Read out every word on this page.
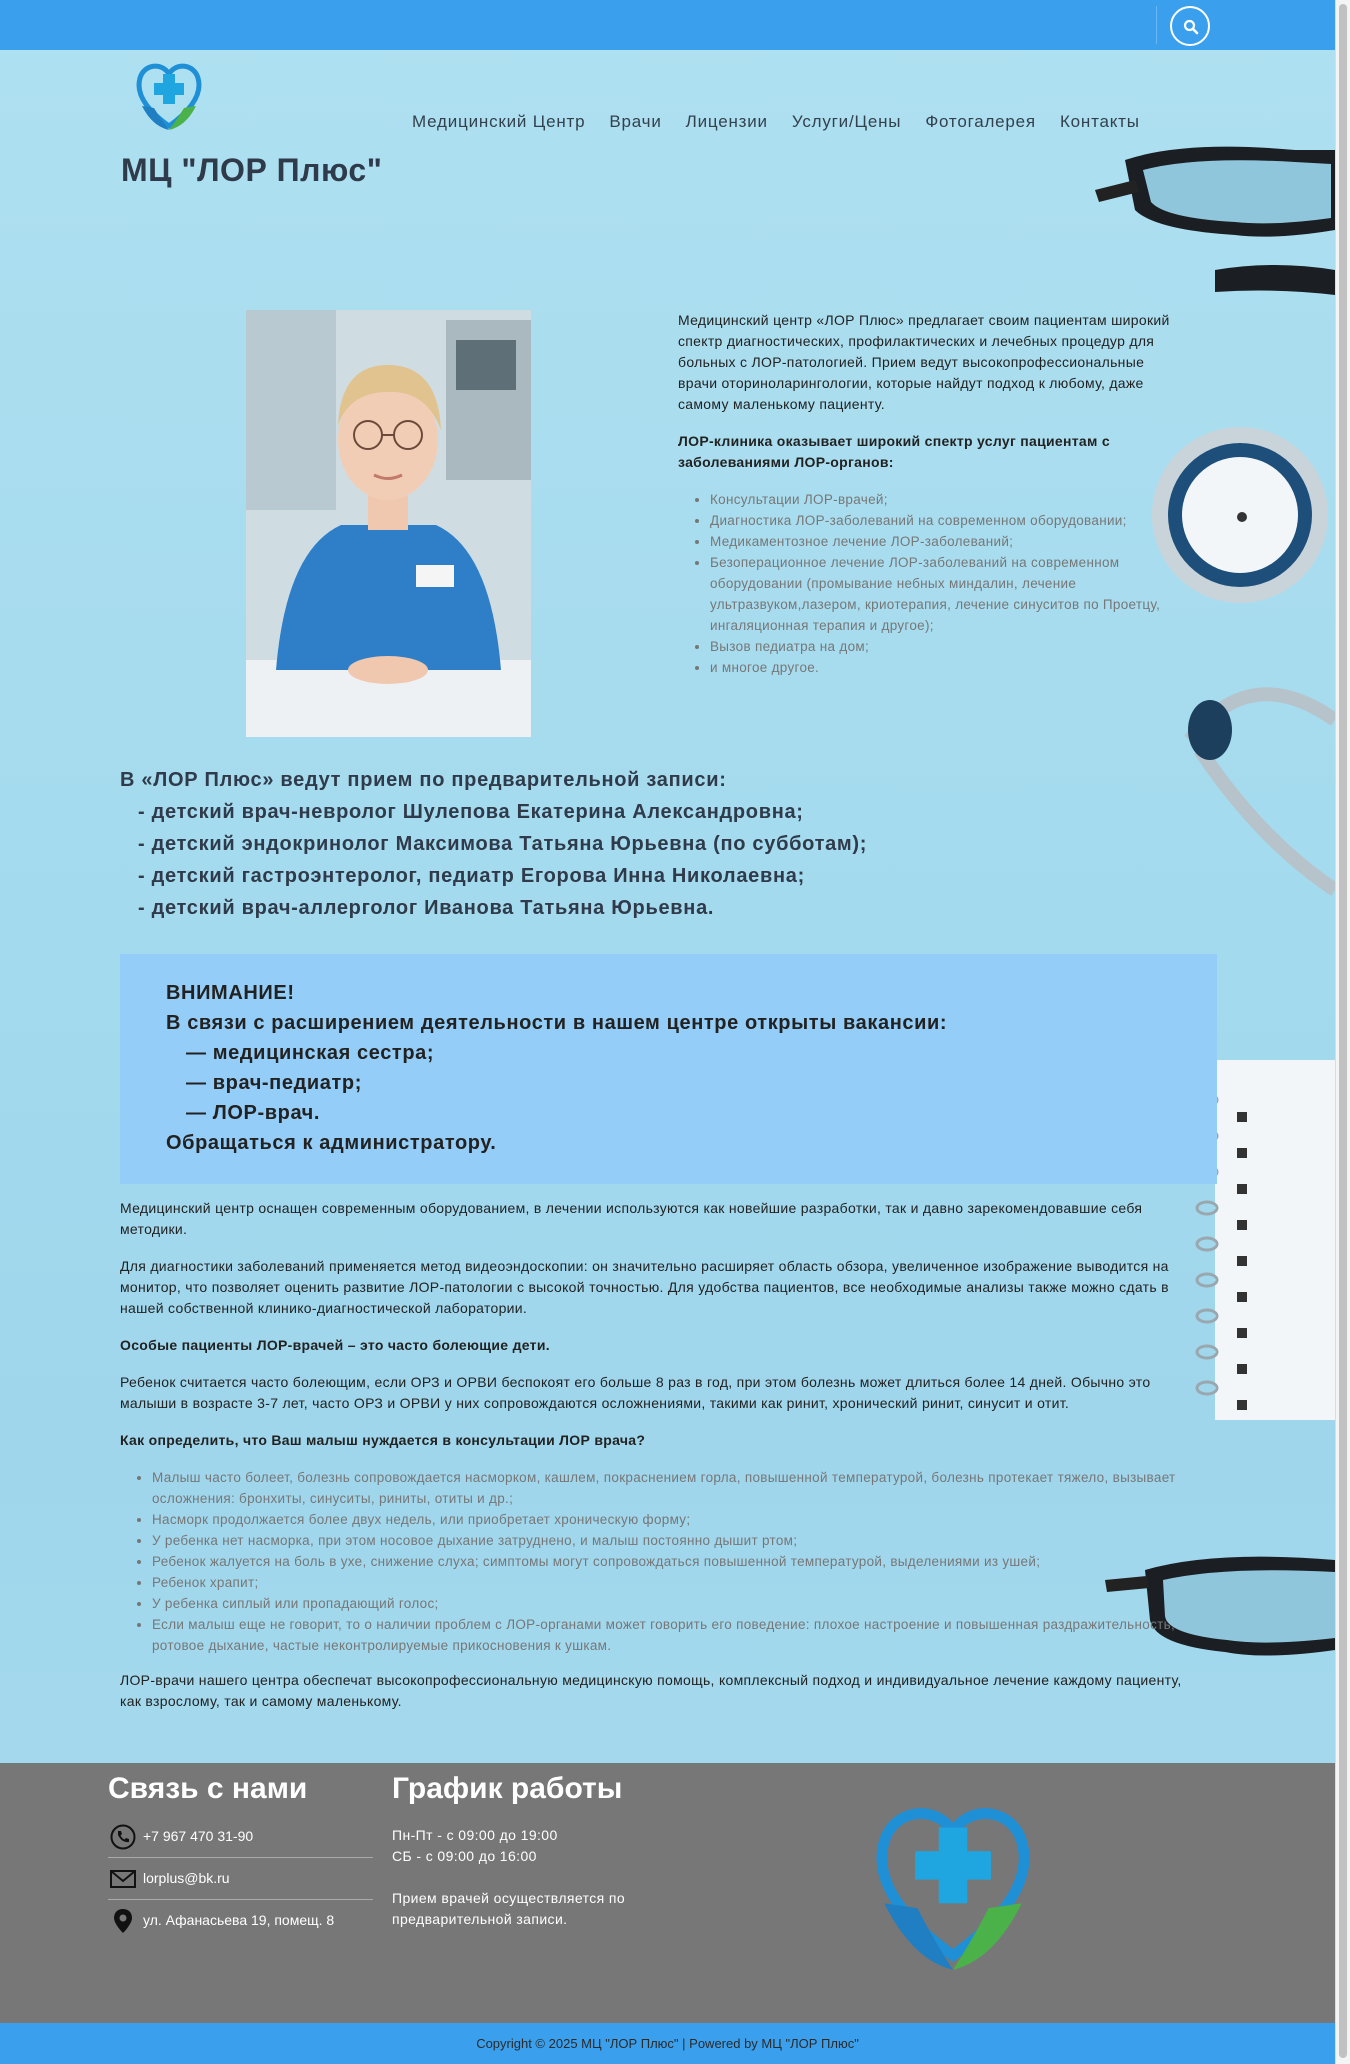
МЦ "ЛОР Плюс"
Медицинский Центр	Врачи	Лицензии	Услуги/Цены	Фотогалерея	Контакты

Медицинский центр «ЛОР Плюс» предлагает своим пациентам широкий спектр диагностических, профилактических и лечебных процедур для больных с ЛОР-патологией. Прием ведут высокопрофессиональные врачи оториноларингологии, которые найдут подход к любому, даже самому маленькому пациенту.

ЛОР-клиника оказывает широкий спектр услуг пациентам с заболеваниями ЛОР-органов:

• Консультации ЛОР-врачей;
• Диагностика ЛОР-заболеваний на современном оборудовании;
• Медикаментозное лечение ЛОР-заболеваний;
• Безоперационное лечение ЛОР-заболеваний на современном оборудовании (промывание небных миндалин, лечение ультразвуком,лазером, криотерапия, лечение синуситов по Проетцу, ингаляционная терапия и другое);
• Вызов педиатра на дом;
• и многое другое.
В «ЛОР Плюс» ведут прием по предварительной записи:
- детский врач-невролог Шулепова Екатерина Александровна;
- детский эндокринолог Максимова Татьяна Юрьевна (по субботам);
- детский гастроэнтеролог, педиатр Егорова Инна Николаевна;
- детский врач-аллерголог Иванова Татьяна Юрьевна.
ВНИМАНИЕ!
В связи с расширением деятельности в нашем центре открыты вакансии:
— медицинская сестра;
— врач-педиатр;
— ЛОР-врач.
Обращаться к администратору.

Медицинский центр оснащен современным оборудованием, в лечении используются как новейшие разработки, так и давно зарекомендовавшие себя методики.

Для диагностики заболеваний применяется метод видеоэндоскопии: он значительно расширяет область обзора, увеличенное изображение выводится на монитор, что позволяет оценить развитие ЛОР-патологии с высокой точностью. Для удобства пациентов, все необходимые анализы также можно сдать в нашей собственной клинико-диагностической лаборатории.

Особые пациенты ЛОР-врачей – это часто болеющие дети.

Ребенок считается часто болеющим, если ОРЗ и ОРВИ беспокоят его больше 8 раз в год, при этом болезнь может длиться более 14 дней. Обычно это малыши в возрасте 3-7 лет, часто ОРЗ и ОРВИ у них сопровождаются осложнениями, такими как ринит, хронический ринит, синусит и отит.

Как определить, что Ваш малыш нуждается в консультации ЛОР врача?

• Малыш часто болеет, болезнь сопровождается насморком, кашлем, покраснением горла, повышенной температурой, болезнь протекает тяжело, вызывает осложнения: бронхиты, синуситы, риниты, отиты и др.;
• Насморк продолжается более двух недель, или приобретает хроническую форму;
• У ребенка нет насморка, при этом носовое дыхание затруднено, и малыш постоянно дышит ртом;
• Ребенок жалуется на боль в ухе, снижение слуха; симптомы могут сопровождаться повышенной температурой, выделениями из ушей;
• Ребенок храпит;
• У ребенка сиплый или пропадающий голос;
• Если малыш еще не говорит, то о наличии проблем с ЛОР-органами может говорить его поведение: плохое настроение и повышенная раздражительность, ротовое дыхание, частые неконтролируемые прикосновения к ушкам.

ЛОР-врачи нашего центра обеспечат высокопрофессиональную медицинскую помощь, комплексный подход и индивидуальное лечение каждому пациенту, как взрослому, так и самому маленькому.

Связь с нами
+7 967 470 31-90
lorplus@bk.ru
ул. Афанасьева 19, помещ. 8
График работы
Пн-Пт - с 09:00 до 19:00
СБ - с 09:00 до 16:00
Прием врачей осуществляется по предварительной записи.
Copyright © 2025 МЦ "ЛОР Плюс" | Powered by МЦ "ЛОР Плюс"
